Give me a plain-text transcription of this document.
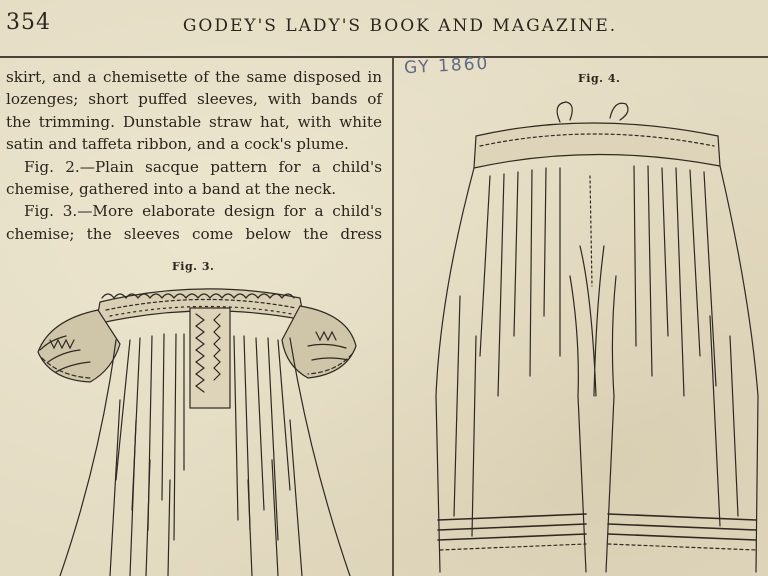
354	GODEY'S LADY'S BOOK AND MAGAZINE.

skirt, and a chemisette of the same disposed in
lozenges; short puffed sleeves, with bands of
the trimming. Dunstable straw hat, with white
satin and taffeta ribbon, and a cock's plume.

Fig. 2.—Plain sacque pattern for a child's
chemise, gathered into a band at the neck.

Fig. 3.—More elaborate design for a child's
chemise; the sleeves come below the dress

Fig. 3.
Fig. 4.
GY 1860
